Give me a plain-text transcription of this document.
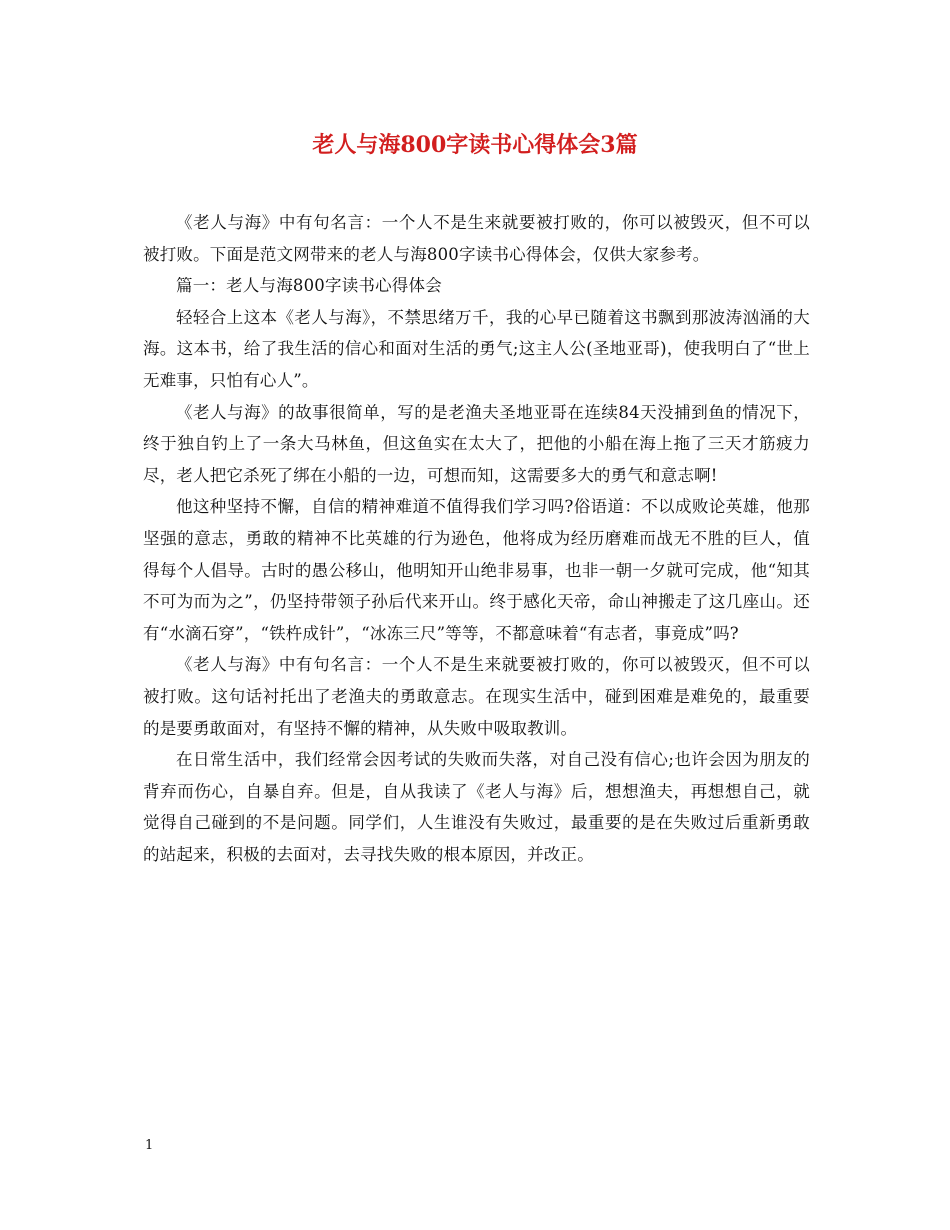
老人与海800字读书心得体会3篇

《老人与海》中有句名言：一个人不是生来就要被打败的，你可以被毁灭，但不可以被打败。下面是范文网带来的老人与海800字读书心得体会，仅供大家参考。

篇一：老人与海800字读书心得体会

轻轻合上这本《老人与海》，不禁思绪万千，我的心早已随着这书飘到那波涛汹涌的大海。这本书，给了我生活的信心和面对生活的勇气;这主人公(圣地亚哥)，使我明白了“世上无难事，只怕有心人”。

《老人与海》的故事很简单，写的是老渔夫圣地亚哥在连续84天没捕到鱼的情况下，终于独自钓上了一条大马林鱼，但这鱼实在太大了，把他的小船在海上拖了三天才筋疲力尽，老人把它杀死了绑在小船的一边，可想而知，这需要多大的勇气和意志啊!

他这种坚持不懈，自信的精神难道不值得我们学习吗?俗语道：不以成败论英雄，他那坚强的意志，勇敢的精神不比英雄的行为逊色，他将成为经历磨难而战无不胜的巨人，值得每个人倡导。古时的愚公移山，他明知开山绝非易事，也非一朝一夕就可完成，他“知其不可为而为之”，仍坚持带领子孙后代来开山。终于感化天帝，命山神搬走了这几座山。还有“水滴石穿”，“铁杵成针”，“冰冻三尺”等等，不都意味着“有志者，事竟成”吗?

《老人与海》中有句名言：一个人不是生来就要被打败的，你可以被毁灭，但不可以被打败。这句话衬托出了老渔夫的勇敢意志。在现实生活中，碰到困难是难免的，最重要的是要勇敢面对，有坚持不懈的精神，从失败中吸取教训。

在日常生活中，我们经常会因考试的失败而失落，对自己没有信心;也许会因为朋友的背弃而伤心，自暴自弃。但是，自从我读了《老人与海》后，想想渔夫，再想想自己，就觉得自己碰到的不是问题。同学们，人生谁没有失败过，最重要的是在失败过后重新勇敢的站起来，积极的去面对，去寻找失败的根本原因，并改正。

1
